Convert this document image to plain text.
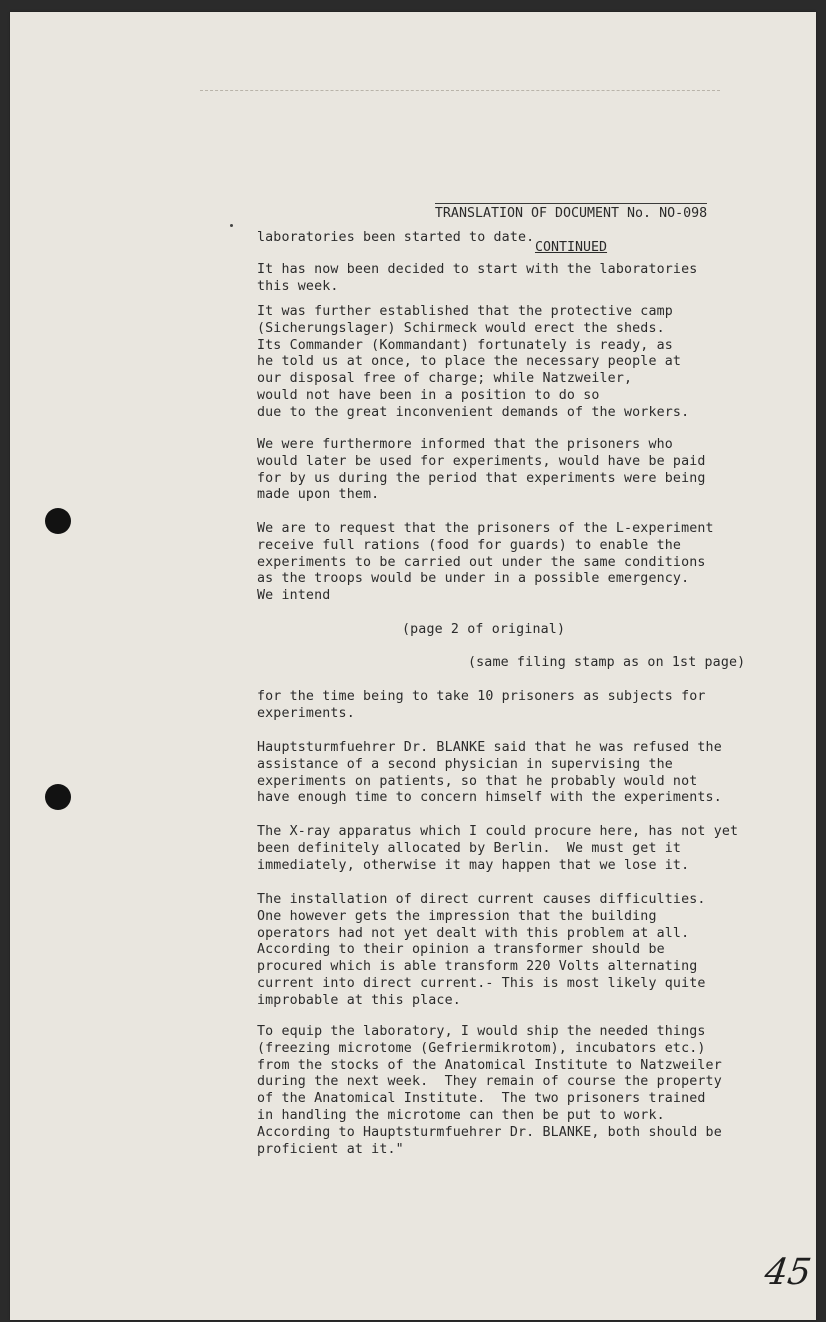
TRANSLATION OF DOCUMENT No. NO-098

CONTINUED

laboratories been started to date.
It has now been decided to start with the laboratories
this week.
It was further established that the protective camp
(Sicherungslager) Schirmeck would erect the sheds.
Its Commander (Kommandant) fortunately is ready, as
he told us at once, to place the necessary people at
our disposal free of charge; while Natzweiler,
would not have been in a position to do so
due to the great inconvenient demands of the workers.
We were furthermore informed that the prisoners who
would later be used for experiments, would have be paid
for by us during the period that experiments were being
made upon them.
We are to request that the prisoners of the L-experiment
receive full rations (food for guards) to enable the
experiments to be carried out under the same conditions
as the troops would be under in a possible emergency.
We intend
(page 2 of original)
(same filing stamp as on 1st page)
for the time being to take 10 prisoners as subjects for
experiments.
Hauptsturmfuehrer Dr. BLANKE said that he was refused the
assistance of a second physician in supervising the
experiments on patients, so that he probably would not
have enough time to concern himself with the experiments.
The X-ray apparatus which I could procure here, has not yet
been definitely allocated by Berlin.  We must get it
immediately, otherwise it may happen that we lose it.
The installation of direct current causes difficulties.
One however gets the impression that the building
operators had not yet dealt with this problem at all.
According to their opinion a transformer should be
procured which is able transform 220 Volts alternating
current into direct current.- This is most likely quite
improbable at this place.
To equip the laboratory, I would ship the needed things
(freezing microtome (Gefriermikrotom), incubators etc.)
from the stocks of the Anatomical Institute to Natzweiler
during the next week.  They remain of course the property
of the Anatomical Institute.  The two prisoners trained
in handling the microtome can then be put to work.
According to Hauptsturmfuehrer Dr. BLANKE, both should be
proficient at it."
45
